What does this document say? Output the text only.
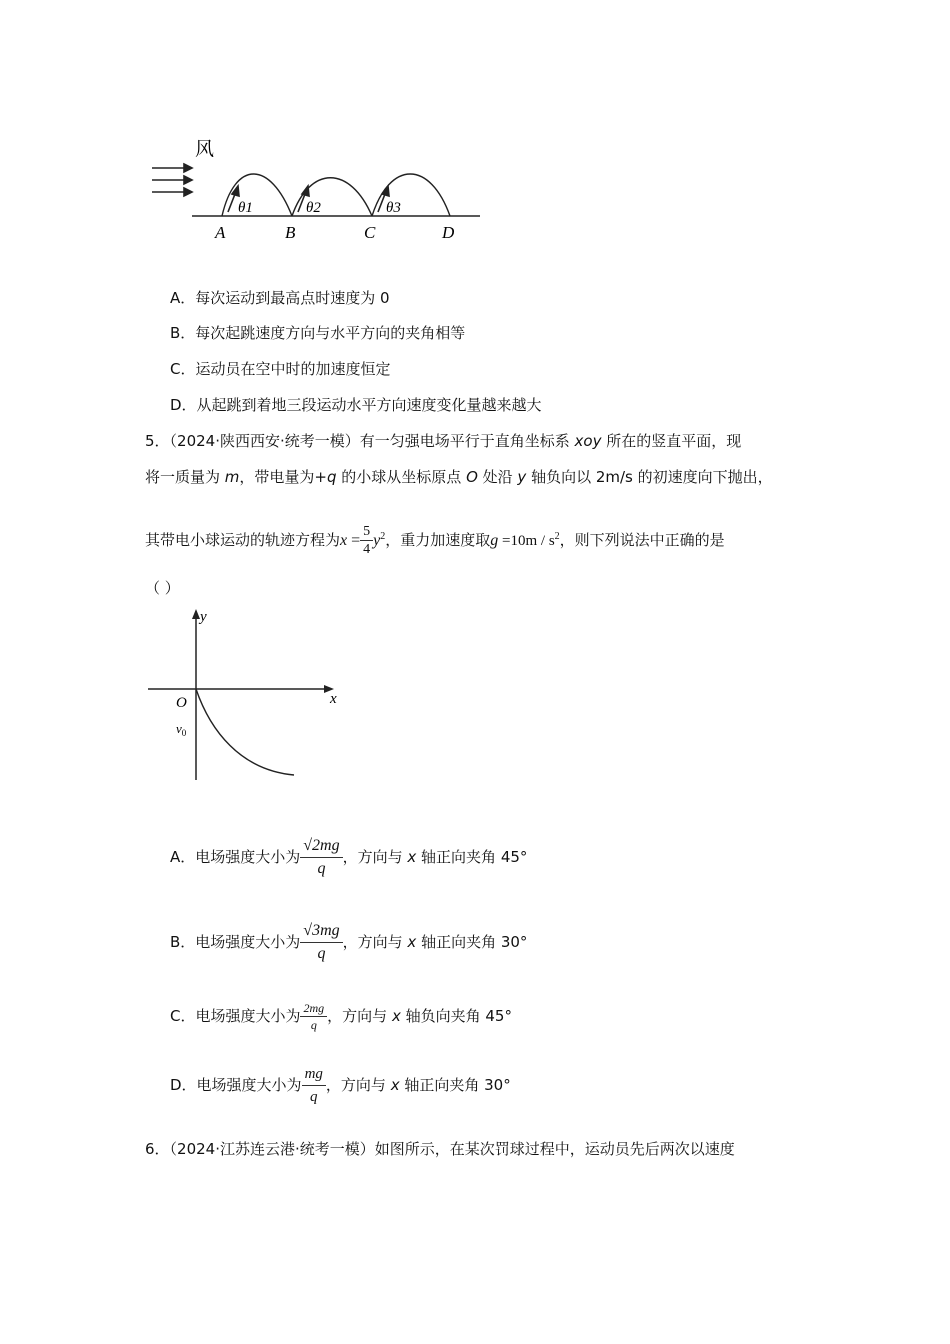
风
θ1	θ2	θ3
A	B	C	D
A．每次运动到最高点时速度为 0
B．每次起跳速度方向与水平方向的夹角相等
C．运动员在空中时的加速度恒定
D．从起跳到着地三段运动水平方向速度变化量越来越大
5．（2024·陕西西安·统考一模）有一匀强电场平行于直角坐标系 xoy 所在的竖直平面，现
将一质量为 m，带电量为+q 的小球从坐标原点 O 处沿 y 轴负向以 2m/s 的初速度向下抛出，
其带电小球运动的轨迹方程为$x = \frac{5}{4} y^2$，重力加速度取$g =10m / s^2$，则下列说法中正确的是
（ ）
y
x
O
$v_0$
A．电场强度大小为 $\frac{√2mg}{q}$ ，方向与 x 轴正向夹角 45°
B．电场强度大小为 $\frac{√3mg}{q}$ ，方向与 x 轴正向夹角 30°
C．电场强度大小为 $\frac{2mg}{q}$ ，方向与 x 轴负向夹角 45°
D．电场强度大小为 $\frac{mg}{q}$ ，方向与 x 轴正向夹角 30°
6．（2024·江苏连云港·统考一模）如图所示，在某次罚球过程中，运动员先后两次以速度
